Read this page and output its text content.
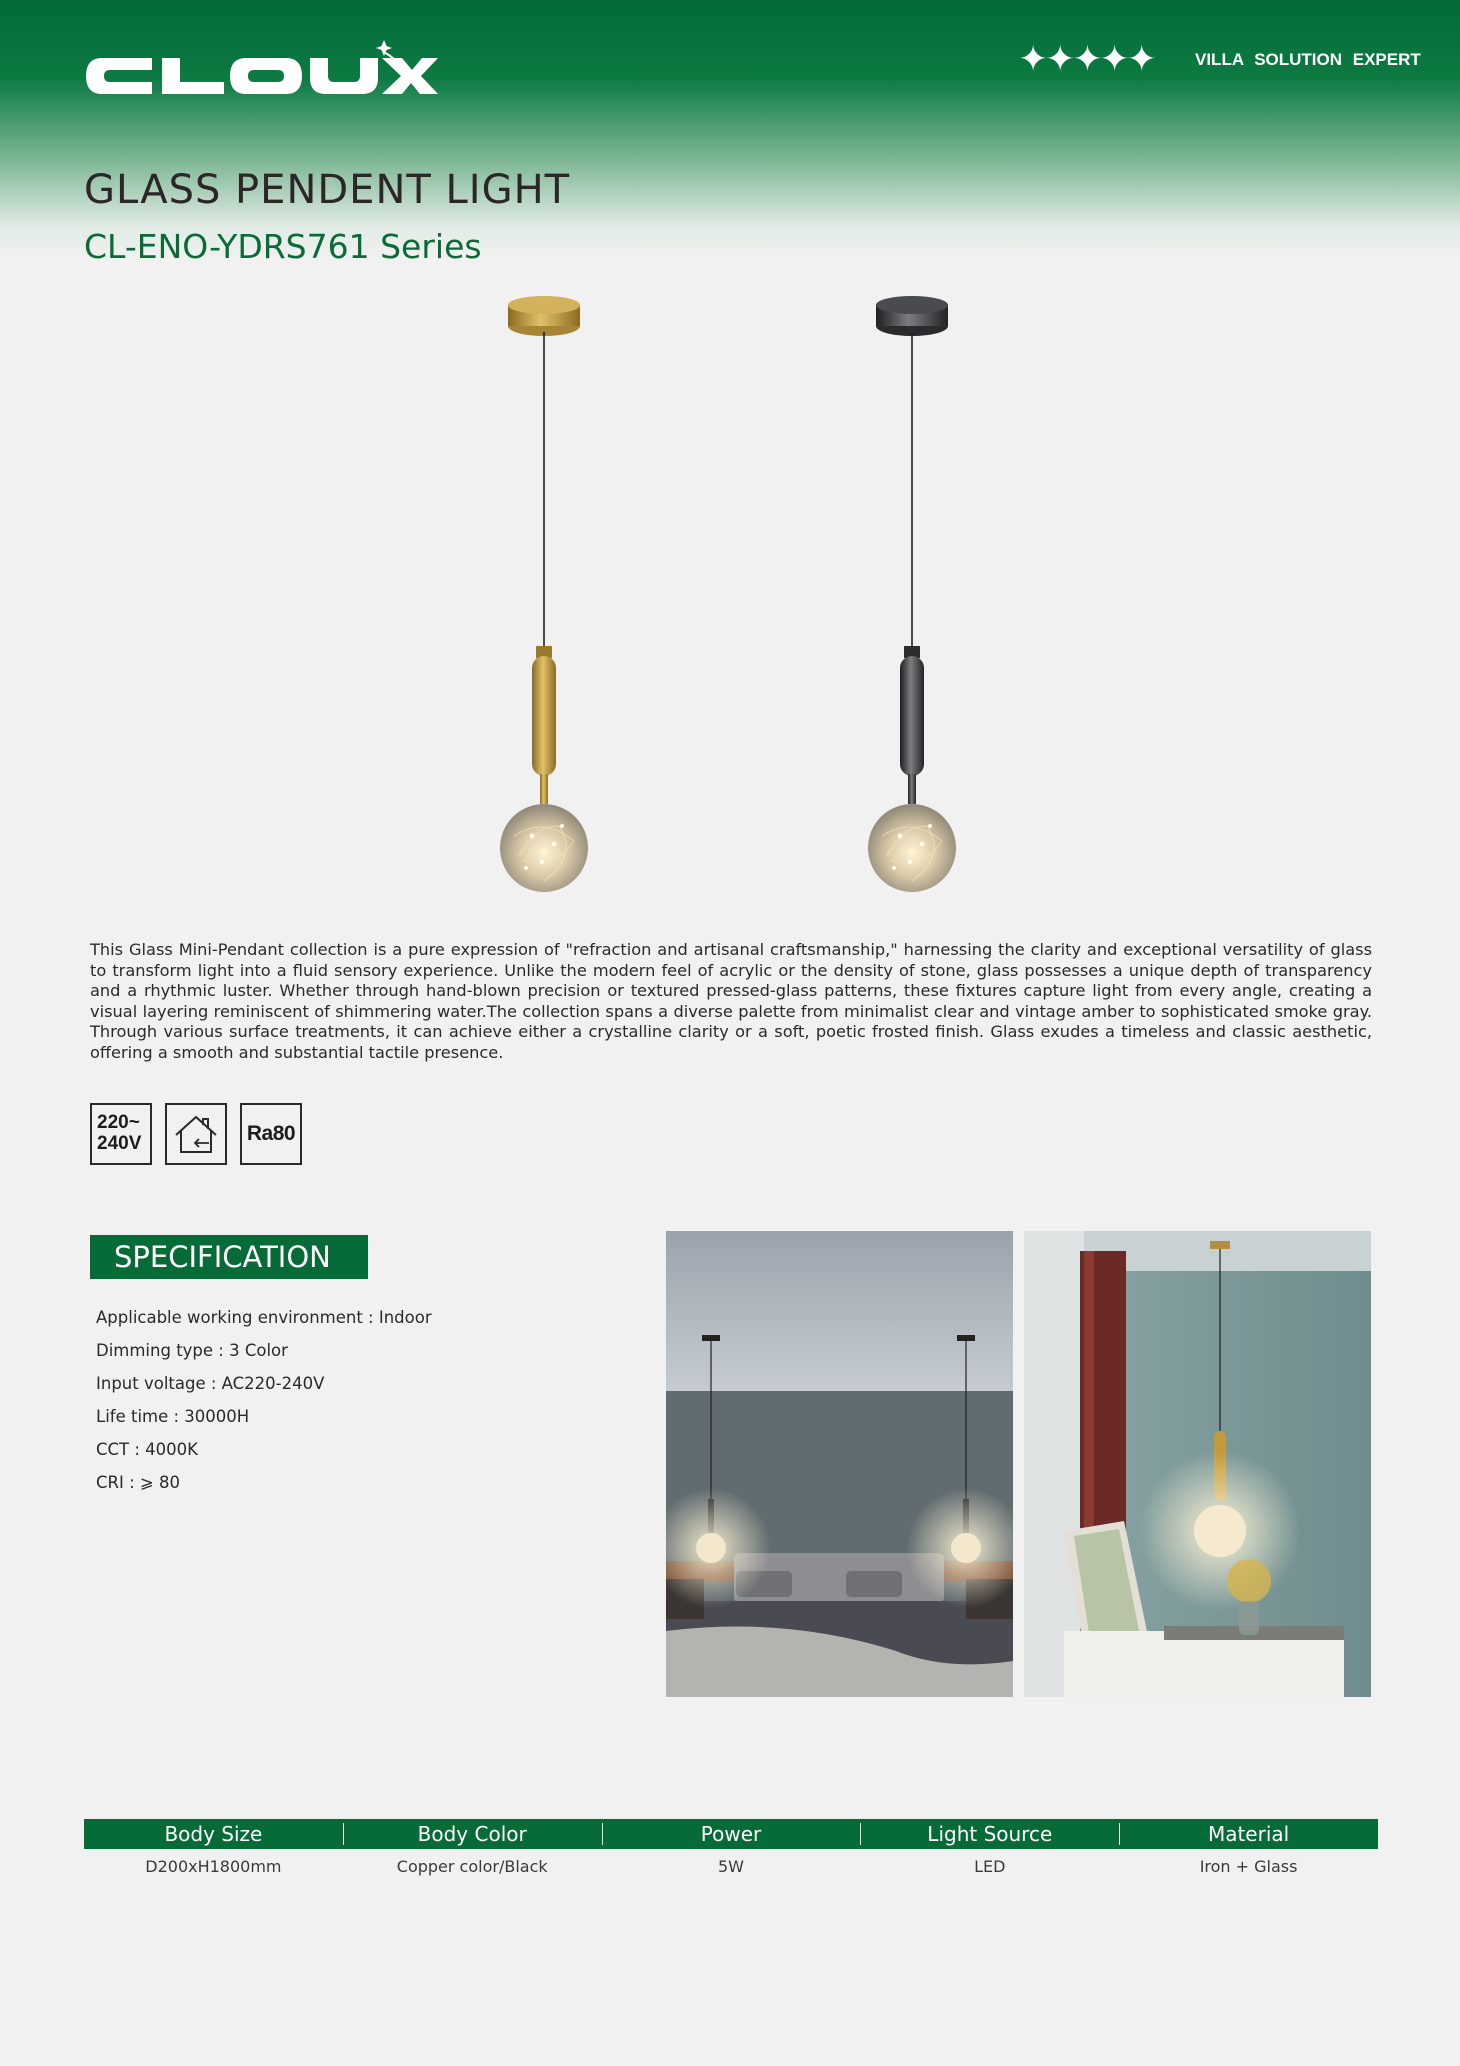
✦✦✦✦✦ VILLA SOLUTION EXPERT
GLASS PENDENT LIGHT
CL-ENO-YDRS761 Series

This Glass Mini-Pendant collection is a pure expression of "refraction and artisanal craftsmanship," harnessing the clarity and exceptional versatility of glass to transform light into a fluid sensory experience. Unlike the modern feel of acrylic or the density of stone, glass possesses a unique depth of transparency and a rhythmic luster. Whether through hand-blown precision or textured pressed-glass patterns, these fixtures capture light from every angle, creating a visual layering reminiscent of shimmering water.The collection spans a diverse palette from minimalist clear and vintage amber to sophisticated smoke gray. Through various surface treatments, it can achieve either a crystalline clarity or a soft, poetic frosted finish. Glass exudes a timeless and classic aesthetic, offering a smooth and substantial tactile presence.

220~
240V	Ra80
SPECIFICATION
Applicable working environment : Indoor
Dimming type : 3 Color
Input voltage : AC220-240V
Life time : 30000H
CCT : 4000K
CRI : ⩾ 80
Body Size	Body Color	Power	Light Source	Material
D200xH1800mm	Copper color/Black	5W	LED	Iron + Glass
